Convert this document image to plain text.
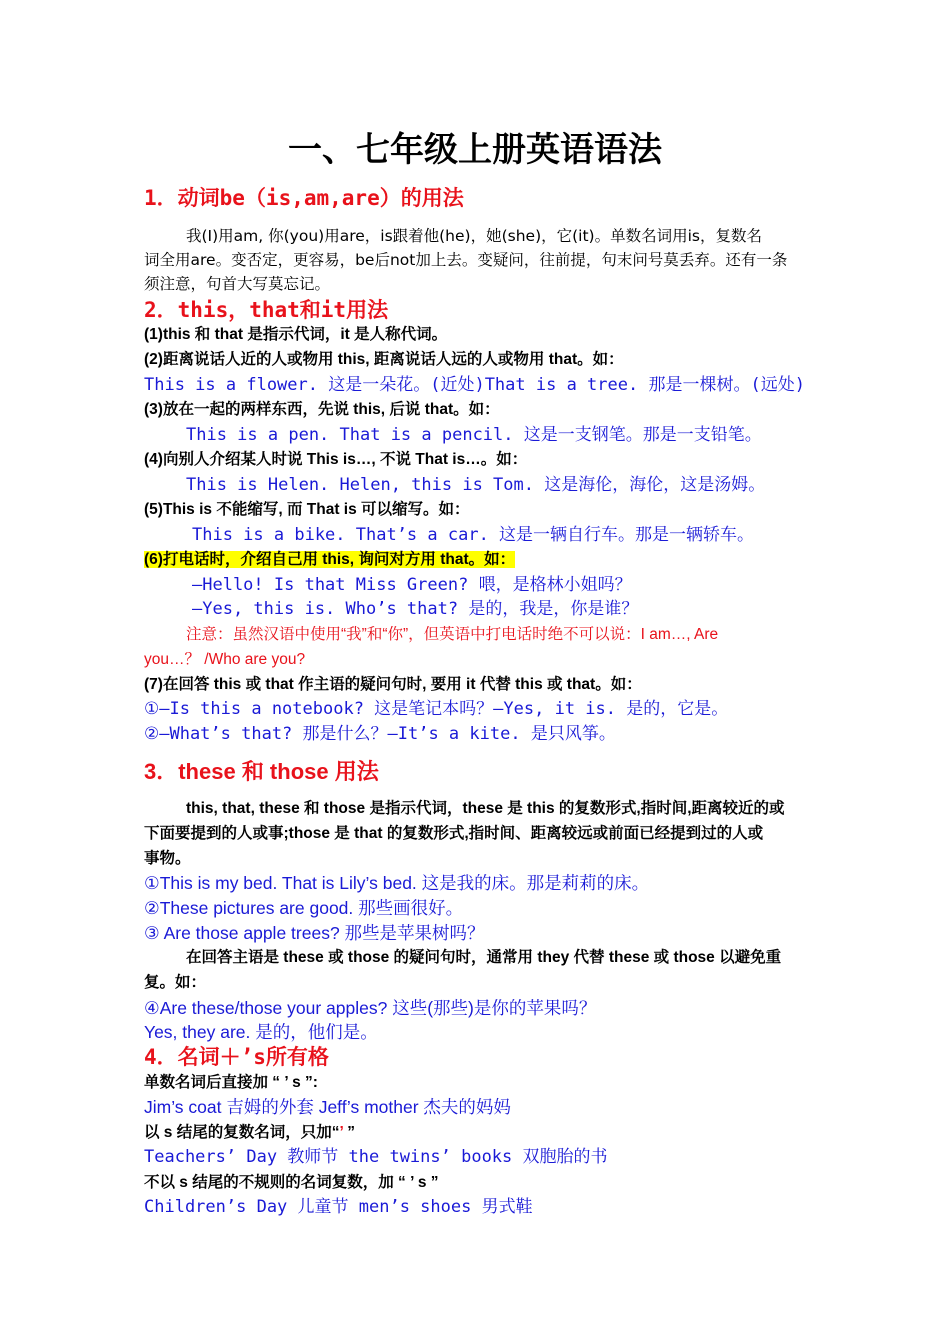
一、七年级上册英语语法
1．动词be（is,am,are）的用法
我(I)用am, 你(you)用are，is跟着他(he)，她(she)，它(it)。单数名词用is，复数名
词全用are。变否定，更容易，be后not加上去。变疑问，往前提，句末问号莫丢弃。还有一条
须注意，句首大写莫忘记。
2．this，that和it用法
(1)this 和 that 是指示代词，it 是人称代词。
(2)距离说话人近的人或物用 this, 距离说话人远的人或物用 that。如：
This is a flower. 这是一朵花。(近处)That is a tree. 那是一棵树。(远处)
(3)放在一起的两样东西，先说 this, 后说 that。如：
This is a pen. That is a pencil. 这是一支钢笔。那是一支铅笔。
(4)向别人介绍某人时说 This is…, 不说 That is…。如：
This is Helen. Helen, this is Tom. 这是海伦，海伦，这是汤姆。
(5)This is 不能缩写, 而 That is 可以缩写。如：
This is a bike. That’s a car. 这是一辆自行车。那是一辆轿车。
(6)打电话时，介绍自己用 this, 询问对方用 that。如：
—Hello! Is that Miss Green? 喂，是格林小姐吗？
—Yes, this is. Who’s that? 是的，我是，你是谁？
注意：虽然汉语中使用“我”和“你”，但英语中打电话时绝不可以说：I am…, Are
you…？ /Who are you?
(7)在回答 this 或 that 作主语的疑问句时, 要用 it 代替 this 或 that。如：
①—Is this a notebook? 这是笔记本吗？—Yes, it is. 是的，它是。
②—What’s that? 那是什么？—It’s a kite. 是只风筝。
3．these 和 those 用法
this, that, these 和 those 是指示代词，these 是 this 的复数形式,指时间,距离较近的或
下面要提到的人或事;those 是 that 的复数形式,指时间、距离较远或前面已经提到过的人或
事物。
①This is my bed. That is Lily’s bed. 这是我的床。那是莉莉的床。
②These pictures are good. 那些画很好。
③ Are those apple trees? 那些是苹果树吗？
在回答主语是 these 或 those 的疑问句时，通常用 they 代替 these 或 those 以避免重
复。如：
④Are these/those your apples? 这些(那些)是你的苹果吗？
Yes, they are. 是的，他们是。
4．名词＋’s所有格
单数名词后直接加 “ ’ s ”:
Jim’s coat 吉姆的外套 Jeff’s mother 杰夫的妈妈
以 s 结尾的复数名词，只加“’ ”
Teachers’ Day 教师节 the twins’ books 双胞胎的书
不以 s 结尾的不规则的名词复数，加 “ ’ s ”
Children’s Day 儿童节 men’s shoes 男式鞋
